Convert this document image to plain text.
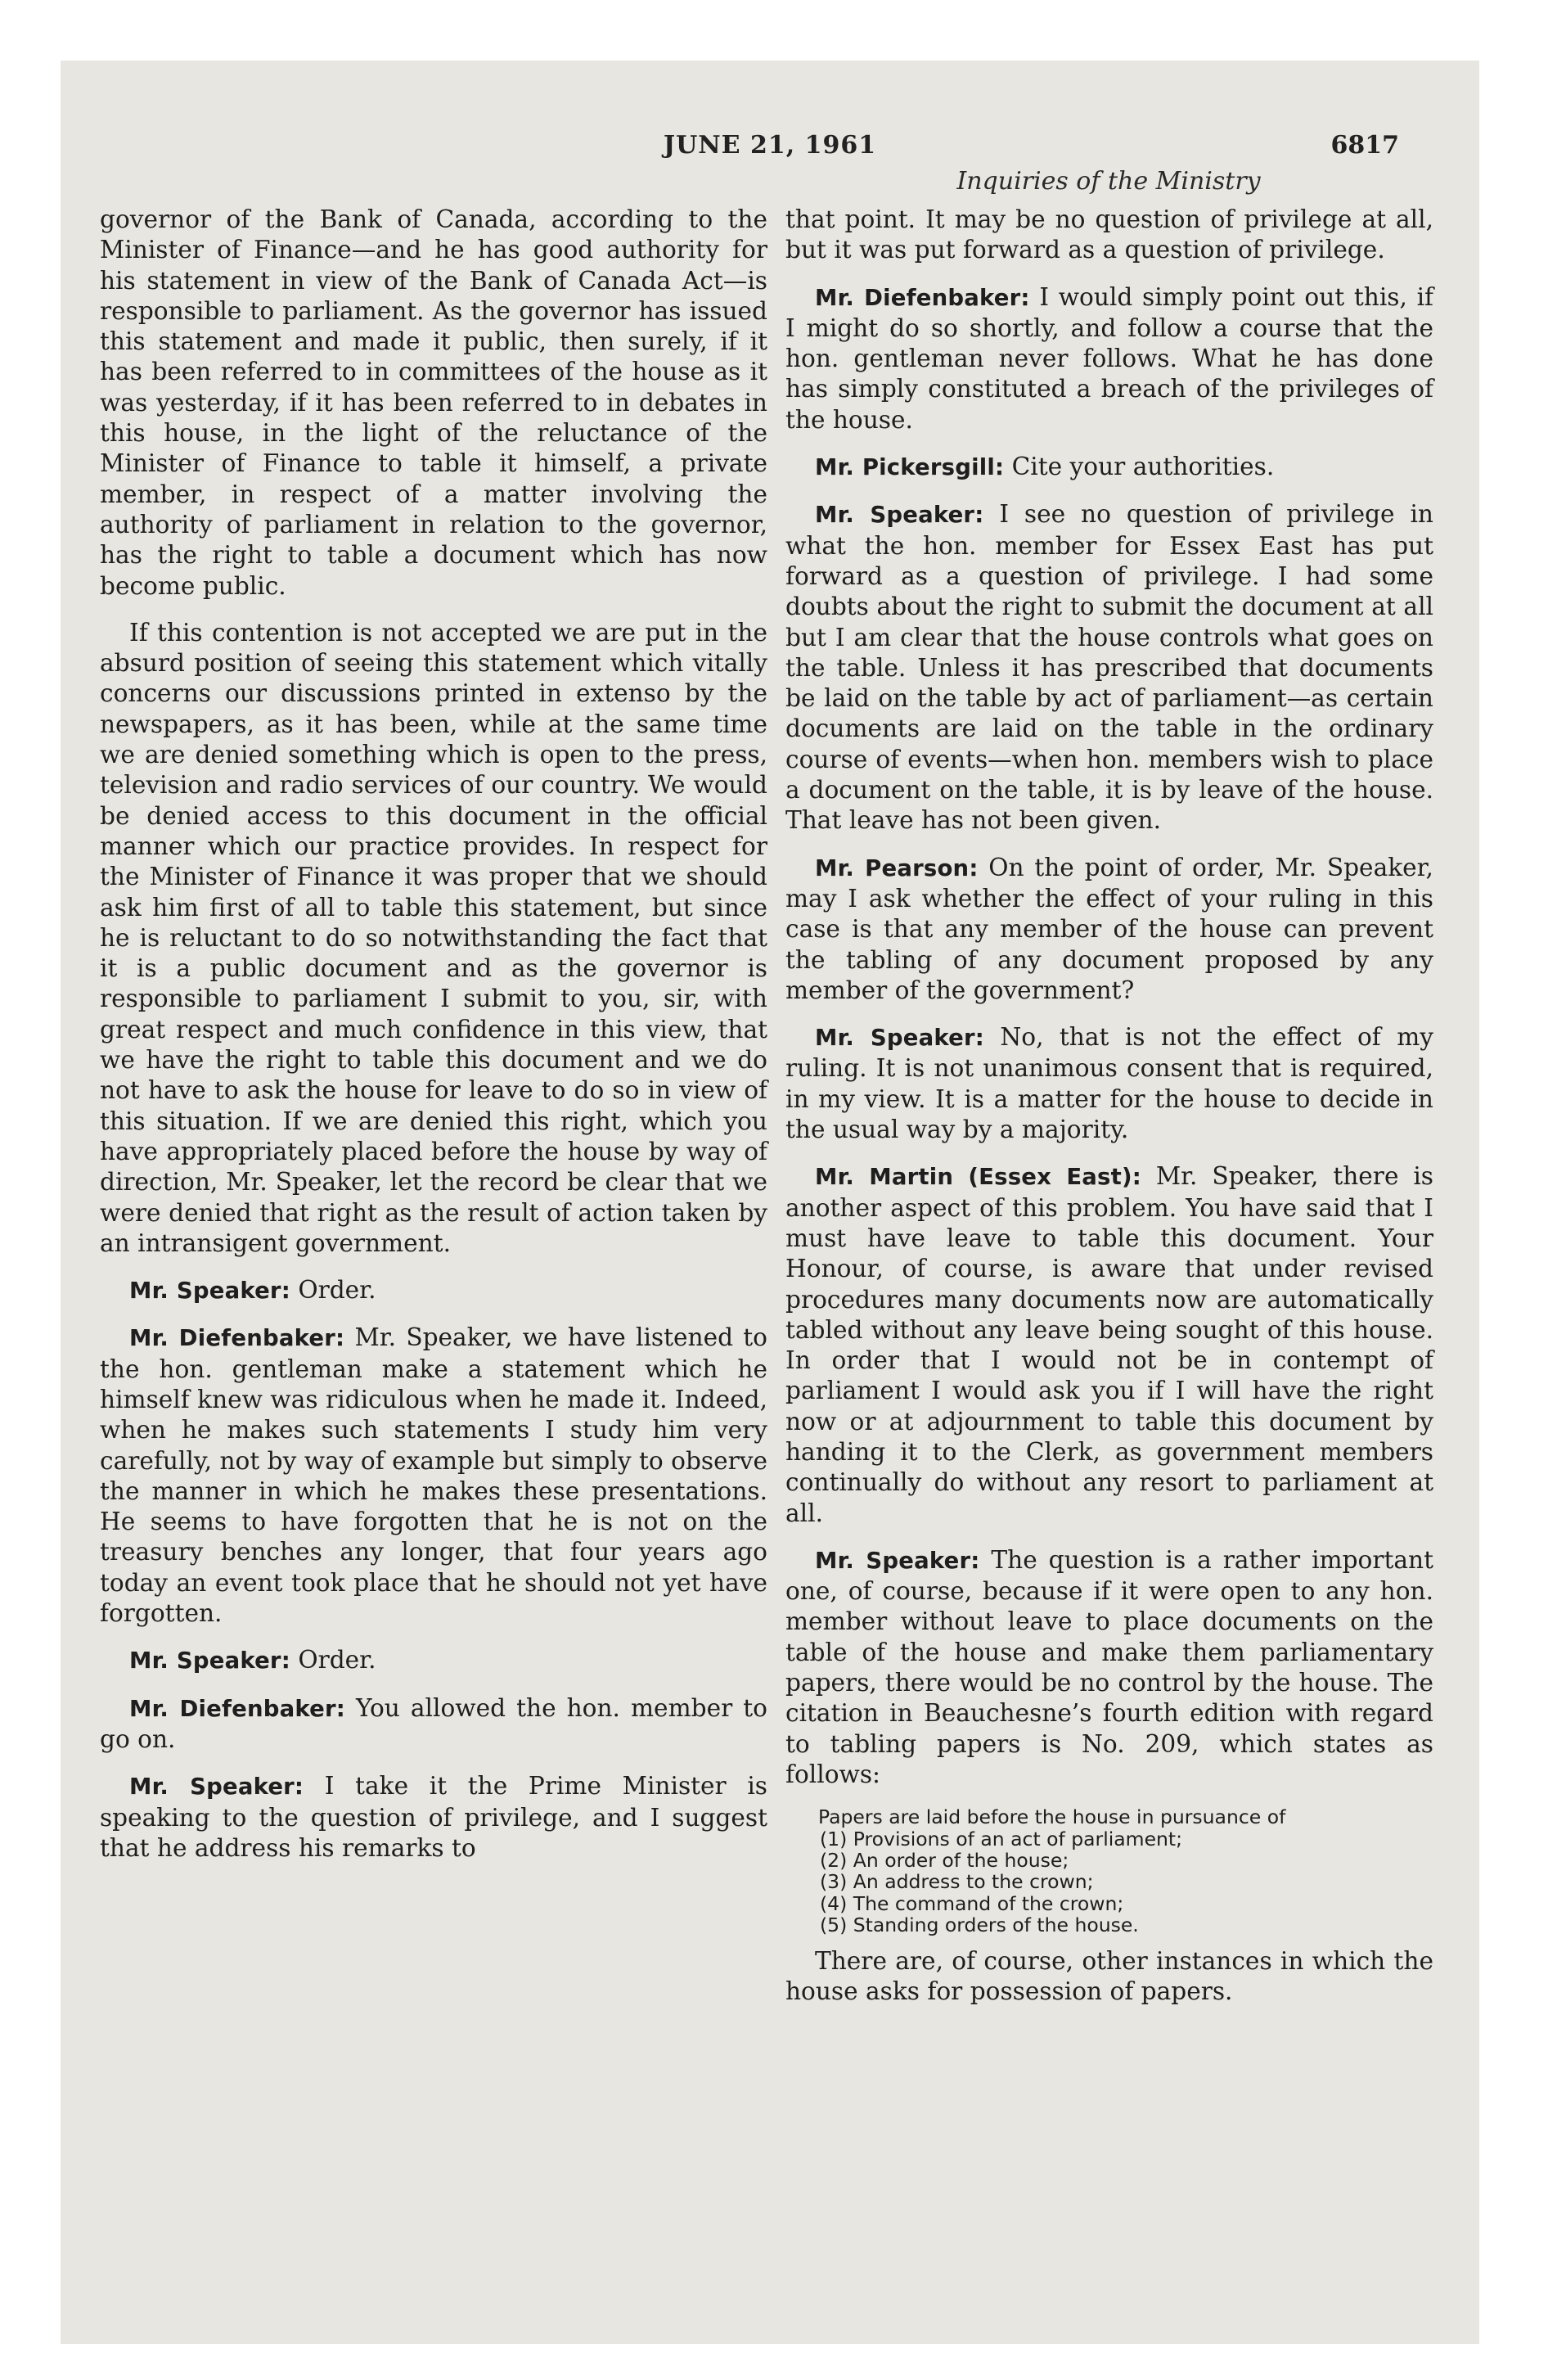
JUNE 21, 1961	6817
Inquiries of the Ministry

governor of the Bank of Canada, according to the Minister of Finance—and he has good authority for his statement in view of the Bank of Canada Act—is responsible to parliament. As the governor has issued this statement and made it public, then surely, if it has been referred to in committees of the house as it was yesterday, if it has been referred to in debates in this house, in the light of the reluctance of the Minister of Finance to table it himself, a private member, in respect of a matter involving the authority of parliament in relation to the governor, has the right to table a document which has now become public.

If this contention is not accepted we are put in the absurd position of seeing this statement which vitally concerns our discussions printed in extenso by the newspapers, as it has been, while at the same time we are denied something which is open to the press, television and radio services of our country. We would be denied access to this document in the official manner which our practice provides. In respect for the Minister of Finance it was proper that we should ask him first of all to table this statement, but since he is reluctant to do so notwithstanding the fact that it is a public document and as the governor is responsible to parliament I submit to you, sir, with great respect and much confidence in this view, that we have the right to table this document and we do not have to ask the house for leave to do so in view of this situation. If we are denied this right, which you have appropriately placed before the house by way of direction, Mr. Speaker, let the record be clear that we were denied that right as the result of action taken by an intransigent government.

Mr. Speaker: Order.

Mr. Diefenbaker: Mr. Speaker, we have listened to the hon. gentleman make a statement which he himself knew was ridiculous when he made it. Indeed, when he makes such statements I study him very carefully, not by way of example but simply to observe the manner in which he makes these presentations. He seems to have forgotten that he is not on the treasury benches any longer, that four years ago today an event took place that he should not yet have forgotten.

Mr. Speaker: Order.

Mr. Diefenbaker: You allowed the hon. member to go on.

Mr. Speaker: I take it the Prime Minister is speaking to the question of privilege, and I suggest that he address his remarks to

that point. It may be no question of privilege at all, but it was put forward as a question of privilege.

Mr. Diefenbaker: I would simply point out this, if I might do so shortly, and follow a course that the hon. gentleman never follows. What he has done has simply constituted a breach of the privileges of the house.

Mr. Pickersgill: Cite your authorities.

Mr. Speaker: I see no question of privilege in what the hon. member for Essex East has put forward as a question of privilege. I had some doubts about the right to submit the document at all but I am clear that the house controls what goes on the table. Unless it has prescribed that documents be laid on the table by act of parliament—as certain documents are laid on the table in the ordinary course of events—when hon. members wish to place a document on the table, it is by leave of the house. That leave has not been given.

Mr. Pearson: On the point of order, Mr. Speaker, may I ask whether the effect of your ruling in this case is that any member of the house can prevent the tabling of any document proposed by any member of the government?

Mr. Speaker: No, that is not the effect of my ruling. It is not unanimous consent that is required, in my view. It is a matter for the house to decide in the usual way by a majority.

Mr. Martin (Essex East): Mr. Speaker, there is another aspect of this problem. You have said that I must have leave to table this document. Your Honour, of course, is aware that under revised procedures many documents now are automatically tabled without any leave being sought of this house. In order that I would not be in contempt of parliament I would ask you if I will have the right now or at adjournment to table this document by handing it to the Clerk, as government members continually do without any resort to parliament at all.

Mr. Speaker: The question is a rather important one, of course, because if it were open to any hon. member without leave to place documents on the table of the house and make them parliamentary papers, there would be no control by the house. The citation in Beauchesne’s fourth edition with regard to tabling papers is No. 209, which states as follows:

Papers are laid before the house in pursuance of
(1) Provisions of an act of parliament;
(2) An order of the house;
(3) An address to the crown;
(4) The command of the crown;
(5) Standing orders of the house.

There are, of course, other instances in which the house asks for possession of papers.
